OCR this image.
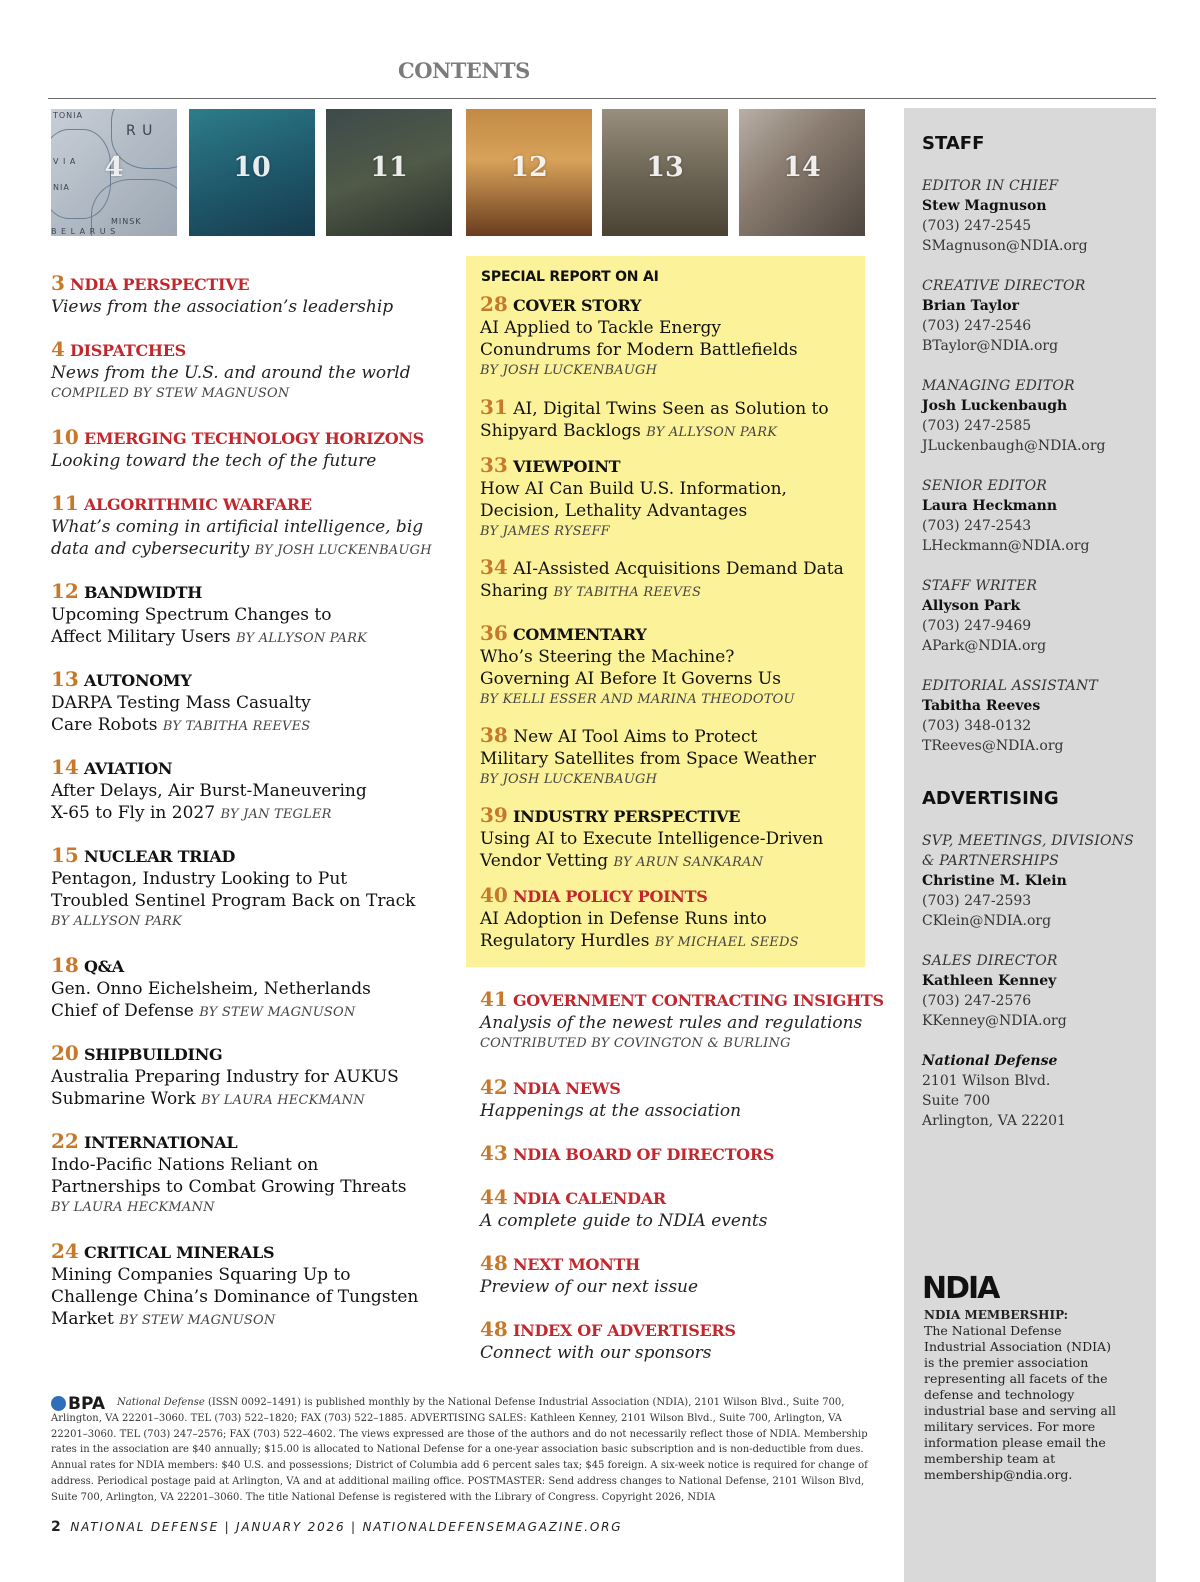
CONTENTS
TONIA
R U
V I A
NIA
MINSK
B E L A R U S
4	10	11	12	13	14
SPECIAL REPORT ON AI
3 NDIA PERSPECTIVE
Views from the association’s leadership
4 DISPATCHES
News from the U.S. and around the world
COMPILED BY STEW MAGNUSON
10 EMERGING TECHNOLOGY HORIZONS
Looking toward the tech of the future
11 ALGORITHMIC WARFARE
What’s coming in artificial intelligence, big
data and cybersecurity BY JOSH LUCKENBAUGH
12 BANDWIDTH
Upcoming Spectrum Changes to
Affect Military Users BY ALLYSON PARK
13 AUTONOMY
DARPA Testing Mass Casualty
Care Robots BY TABITHA REEVES
14 AVIATION
After Delays, Air Burst-Maneuvering
X-65 to Fly in 2027 BY JAN TEGLER
15 NUCLEAR TRIAD
Pentagon, Industry Looking to Put
Troubled Sentinel Program Back on Track
BY ALLYSON PARK
18 Q&A
Gen. Onno Eichelsheim, Netherlands
Chief of Defense BY STEW MAGNUSON
20 SHIPBUILDING
Australia Preparing Industry for AUKUS
Submarine Work BY LAURA HECKMANN
22 INTERNATIONAL
Indo-Pacific Nations Reliant on
Partnerships to Combat Growing Threats
BY LAURA HECKMANN
24 CRITICAL MINERALS
Mining Companies Squaring Up to
Challenge China’s Dominance of Tungsten
Market BY STEW MAGNUSON
28 COVER STORY
AI Applied to Tackle Energy
Conundrums for Modern Battlefields
BY JOSH LUCKENBAUGH
31 AI, Digital Twins Seen as Solution to
Shipyard Backlogs BY ALLYSON PARK
33 VIEWPOINT
How AI Can Build U.S. Information,
Decision, Lethality Advantages
BY JAMES RYSEFF
34 AI-Assisted Acquisitions Demand Data
Sharing BY TABITHA REEVES
36 COMMENTARY
Who’s Steering the Machine?
Governing AI Before It Governs Us
BY KELLI ESSER AND MARINA THEODOTOU
38 New AI Tool Aims to Protect
Military Satellites from Space Weather
BY JOSH LUCKENBAUGH
39 INDUSTRY PERSPECTIVE
Using AI to Execute Intelligence-Driven
Vendor Vetting BY ARUN SANKARAN
40 NDIA POLICY POINTS
AI Adoption in Defense Runs into
Regulatory Hurdles BY MICHAEL SEEDS
41 GOVERNMENT CONTRACTING INSIGHTS
Analysis of the newest rules and regulations
CONTRIBUTED BY COVINGTON & BURLING
42 NDIA NEWS
Happenings at the association
43 NDIA BOARD OF DIRECTORS
44 NDIA CALENDAR
A complete guide to NDIA events
48 NEXT MONTH
Preview of our next issue
48 INDEX OF ADVERTISERS
Connect with our sponsors
STAFF
EDITOR IN CHIEF
Stew Magnuson
(703) 247-2545
SMagnuson@NDIA.org
CREATIVE DIRECTOR
Brian Taylor
(703) 247-2546
BTaylor@NDIA.org
MANAGING EDITOR
Josh Luckenbaugh
(703) 247-2585
JLuckenbaugh@NDIA.org
SENIOR EDITOR
Laura Heckmann
(703) 247-2543
LHeckmann@NDIA.org
STAFF WRITER
Allyson Park
(703) 247-9469
APark@NDIA.org
EDITORIAL ASSISTANT
Tabitha Reeves
(703) 348-0132
TReeves@NDIA.org
ADVERTISING
SVP, MEETINGS, DIVISIONS
& PARTNERSHIPS
Christine M. Klein
(703) 247-2593
CKlein@NDIA.org
SALES DIRECTOR
Kathleen Kenney
(703) 247-2576
KKenney@NDIA.org
National Defense
2101 Wilson Blvd.
Suite 700
Arlington, VA 22201
NDIA
NDIA MEMBERSHIP:
The National Defense Industrial Association (NDIA) is the premier association representing all facets of the defense and technology industrial base and serving all military services. For more information please email the membership team at membership@ndia.org.
BPA	National Defense (ISSN 0092–1491) is published monthly by the National Defense Industrial Association (NDIA), 2101 Wilson Blvd., Suite 700, Arlington, VA 22201–3060. TEL (703) 522–1820; FAX (703) 522–1885. ADVERTISING SALES: Kathleen Kenney, 2101 Wilson Blvd., Suite 700, Arlington, VA 22201–3060. TEL (703) 247–2576; FAX (703) 522–4602. The views expressed are those of the authors and do not necessarily reflect those of NDIA. Membership rates in the association are $40 annually; $15.00 is allocated to National Defense for a one-year association basic subscription and is non-deductible from dues. Annual rates for NDIA members: $40 U.S. and possessions; District of Columbia add 6 percent sales tax; $45 foreign. A six-week notice is required for change of address. Periodical postage paid at Arlington, VA and at additional mailing office. POSTMASTER: Send address changes to National Defense, 2101 Wilson Blvd, Suite 700, Arlington, VA 22201–3060. The title National Defense is registered with the Library of Congress. Copyright 2026, NDIA
2 NATIONAL DEFENSE | JANUARY 2026 | NATIONALDEFENSEMAGAZINE.ORG
